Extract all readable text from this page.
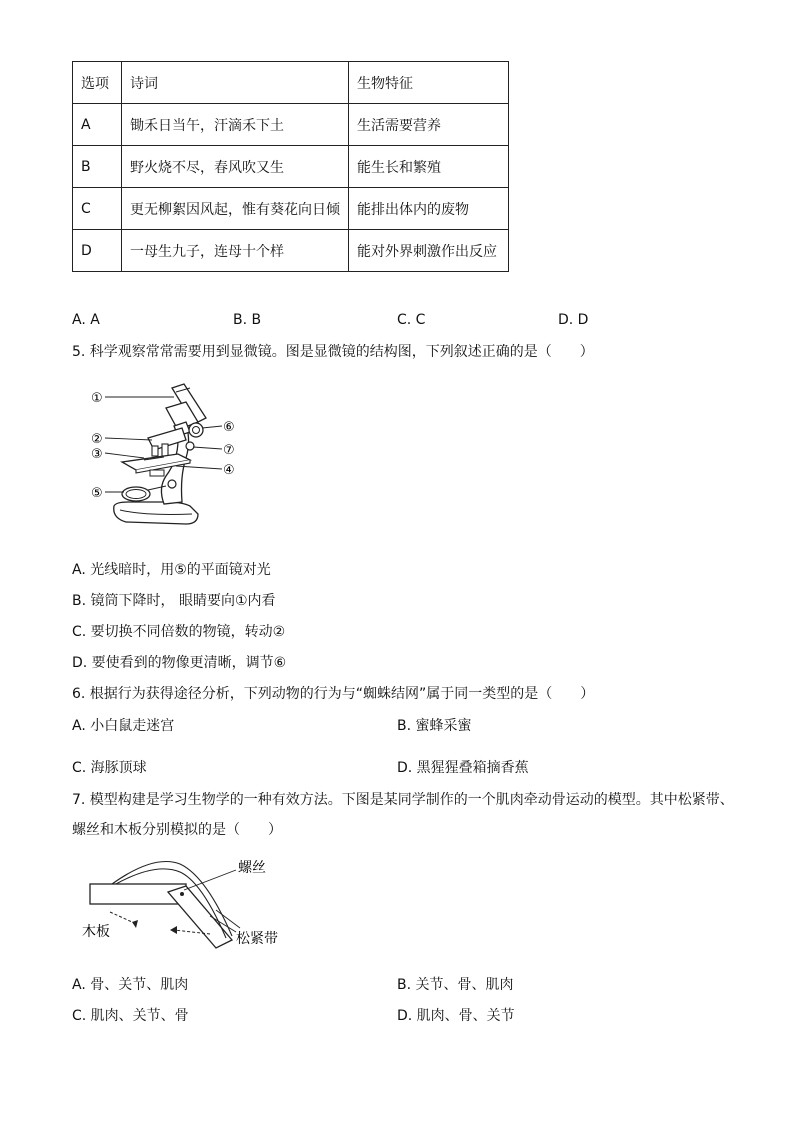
选项	诗词	生物特征
A	锄禾日当午，汗滴禾下土	生活需要营养
B	野火烧不尽，春风吹又生	能生长和繁殖
C	更无柳絮因风起，惟有葵花向日倾	能排出体内的废物
D	一母生九子，连母十个样	能对外界刺激作出反应
A. A	B. B	C. C	D. D
5. 科学观察常常需要用到显微镜。图是显微镜的结构图，下列叙述正确的是（　　）
①
②
③
⑤
⑥
⑦
④
A. 光线暗时，用⑤的平面镜对光
B. 镜筒下降时， 眼睛要向①内看
C. 要切换不同倍数的物镜，转动②
D. 要使看到的物像更清晰，调节⑥
6. 根据行为获得途径分析，下列动物的行为与“蜘蛛结网”属于同一类型的是（　　）
A. 小白鼠走迷宫	B. 蜜蜂采蜜
C. 海豚顶球	D. 黑猩猩叠箱摘香蕉
7. 模型构建是学习生物学的一种有效方法。下图是某同学制作的一个肌肉牵动骨运动的模型。其中松紧带、
螺丝和木板分别模拟的是（　　）
螺丝
木板	松紧带
A. 骨、关节、肌肉	B. 关节、骨、肌肉
C. 肌肉、关节、骨	D. 肌肉、骨、关节
